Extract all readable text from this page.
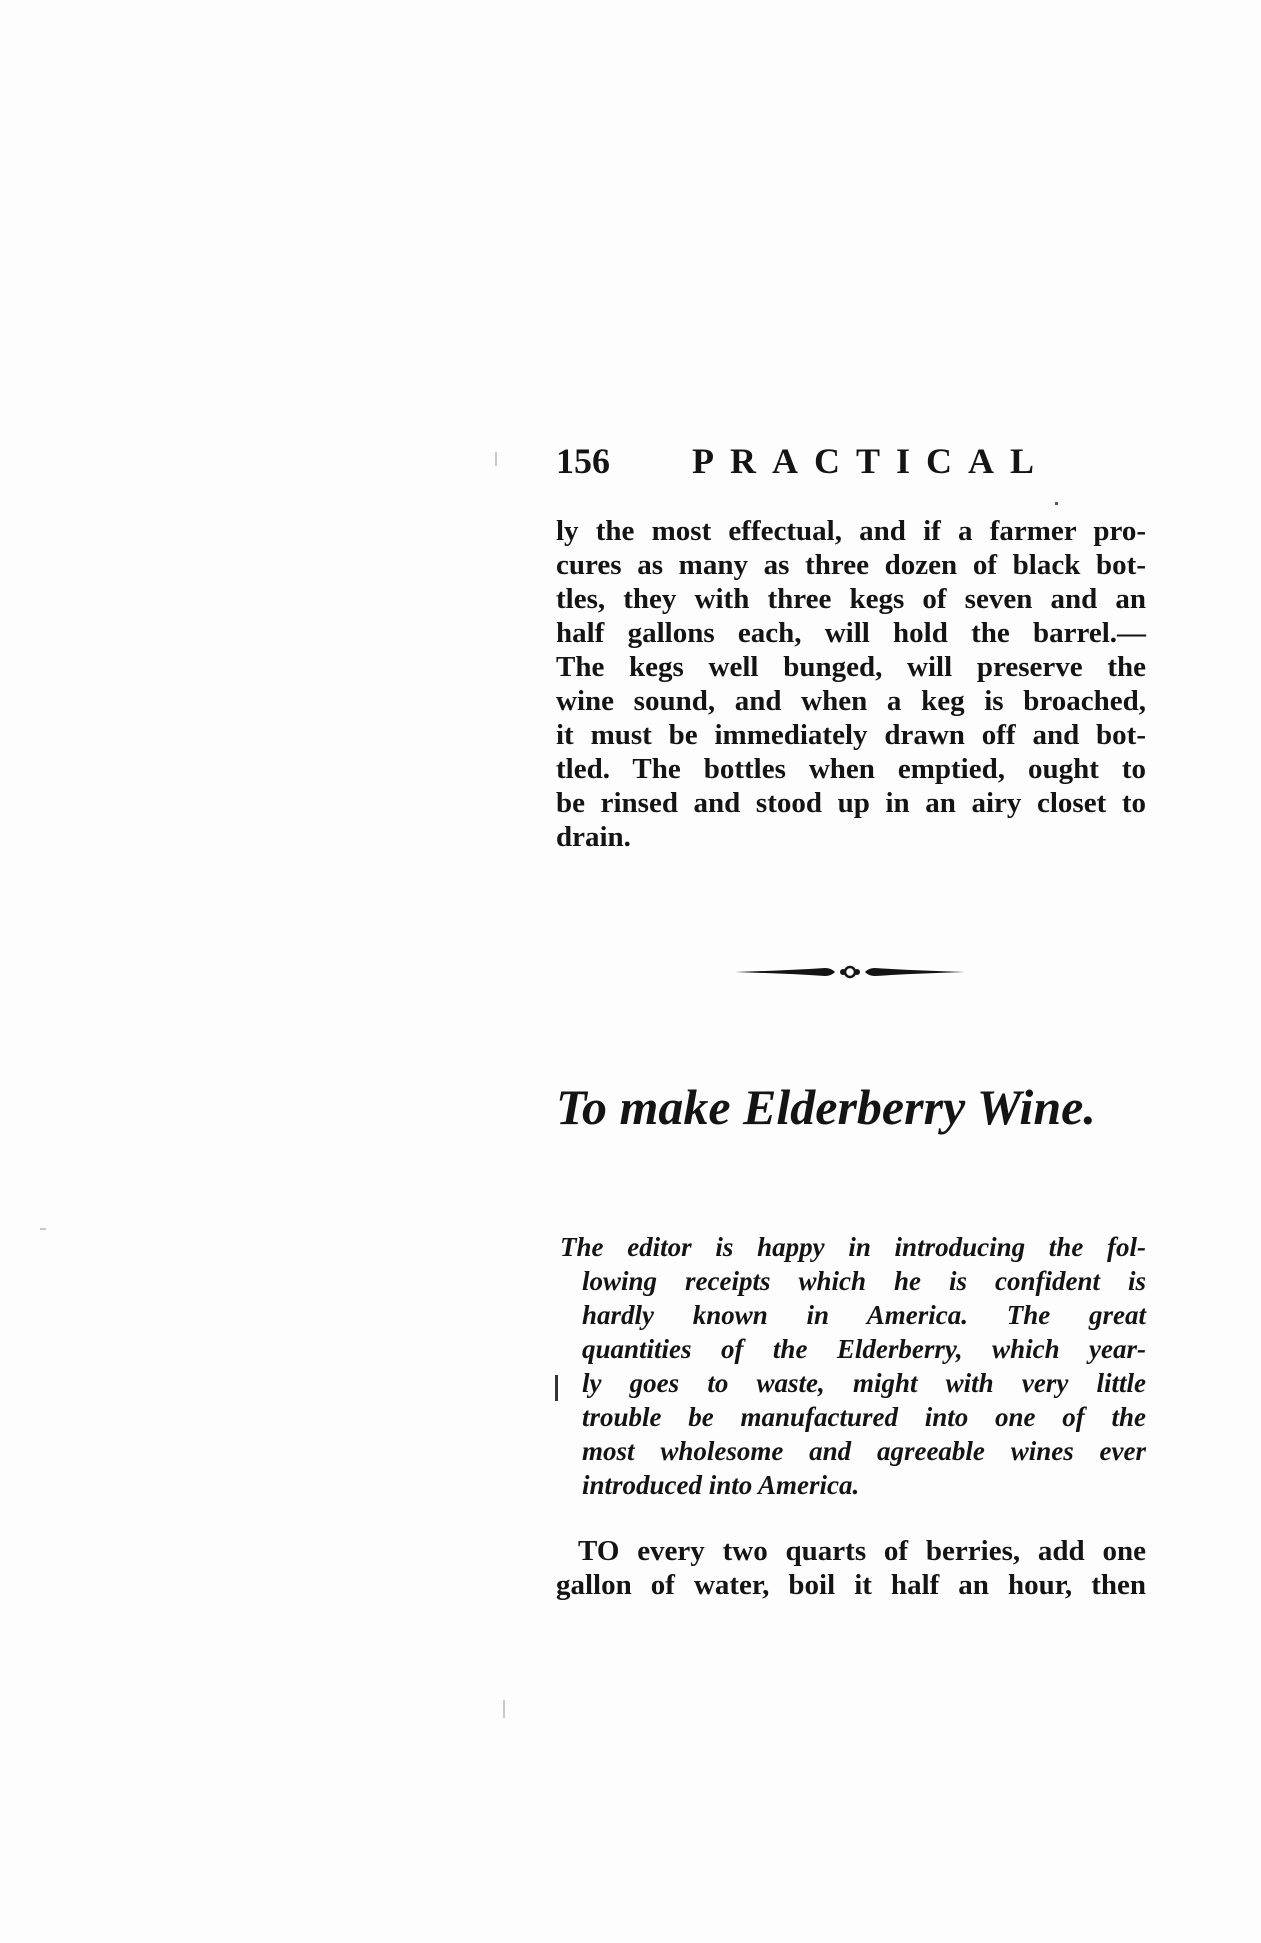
156 PRACTICAL

ly the most effectual, and if a farmer pro-
cures as many as three dozen of black bot-
tles, they with three kegs of seven and an
half gallons each, will hold the barrel.—
The kegs well bunged, will preserve the
wine sound, and when a keg is broached,
it must be immediately drawn off and bot-
tled. The bottles when emptied, ought to
be rinsed and stood up in an airy closet to
drain.

To make Elderberry Wine.

The editor is happy in introducing the fol-
lowing receipts which he is confident is
hardly known in America. The great
quantities of the Elderberry, which year-
ly goes to waste, might with very little
trouble be manufactured into one of the
most wholesome and agreeable wines ever
introduced into America.

TO every two quarts of berries, add one
gallon of water, boil it half an hour, then
